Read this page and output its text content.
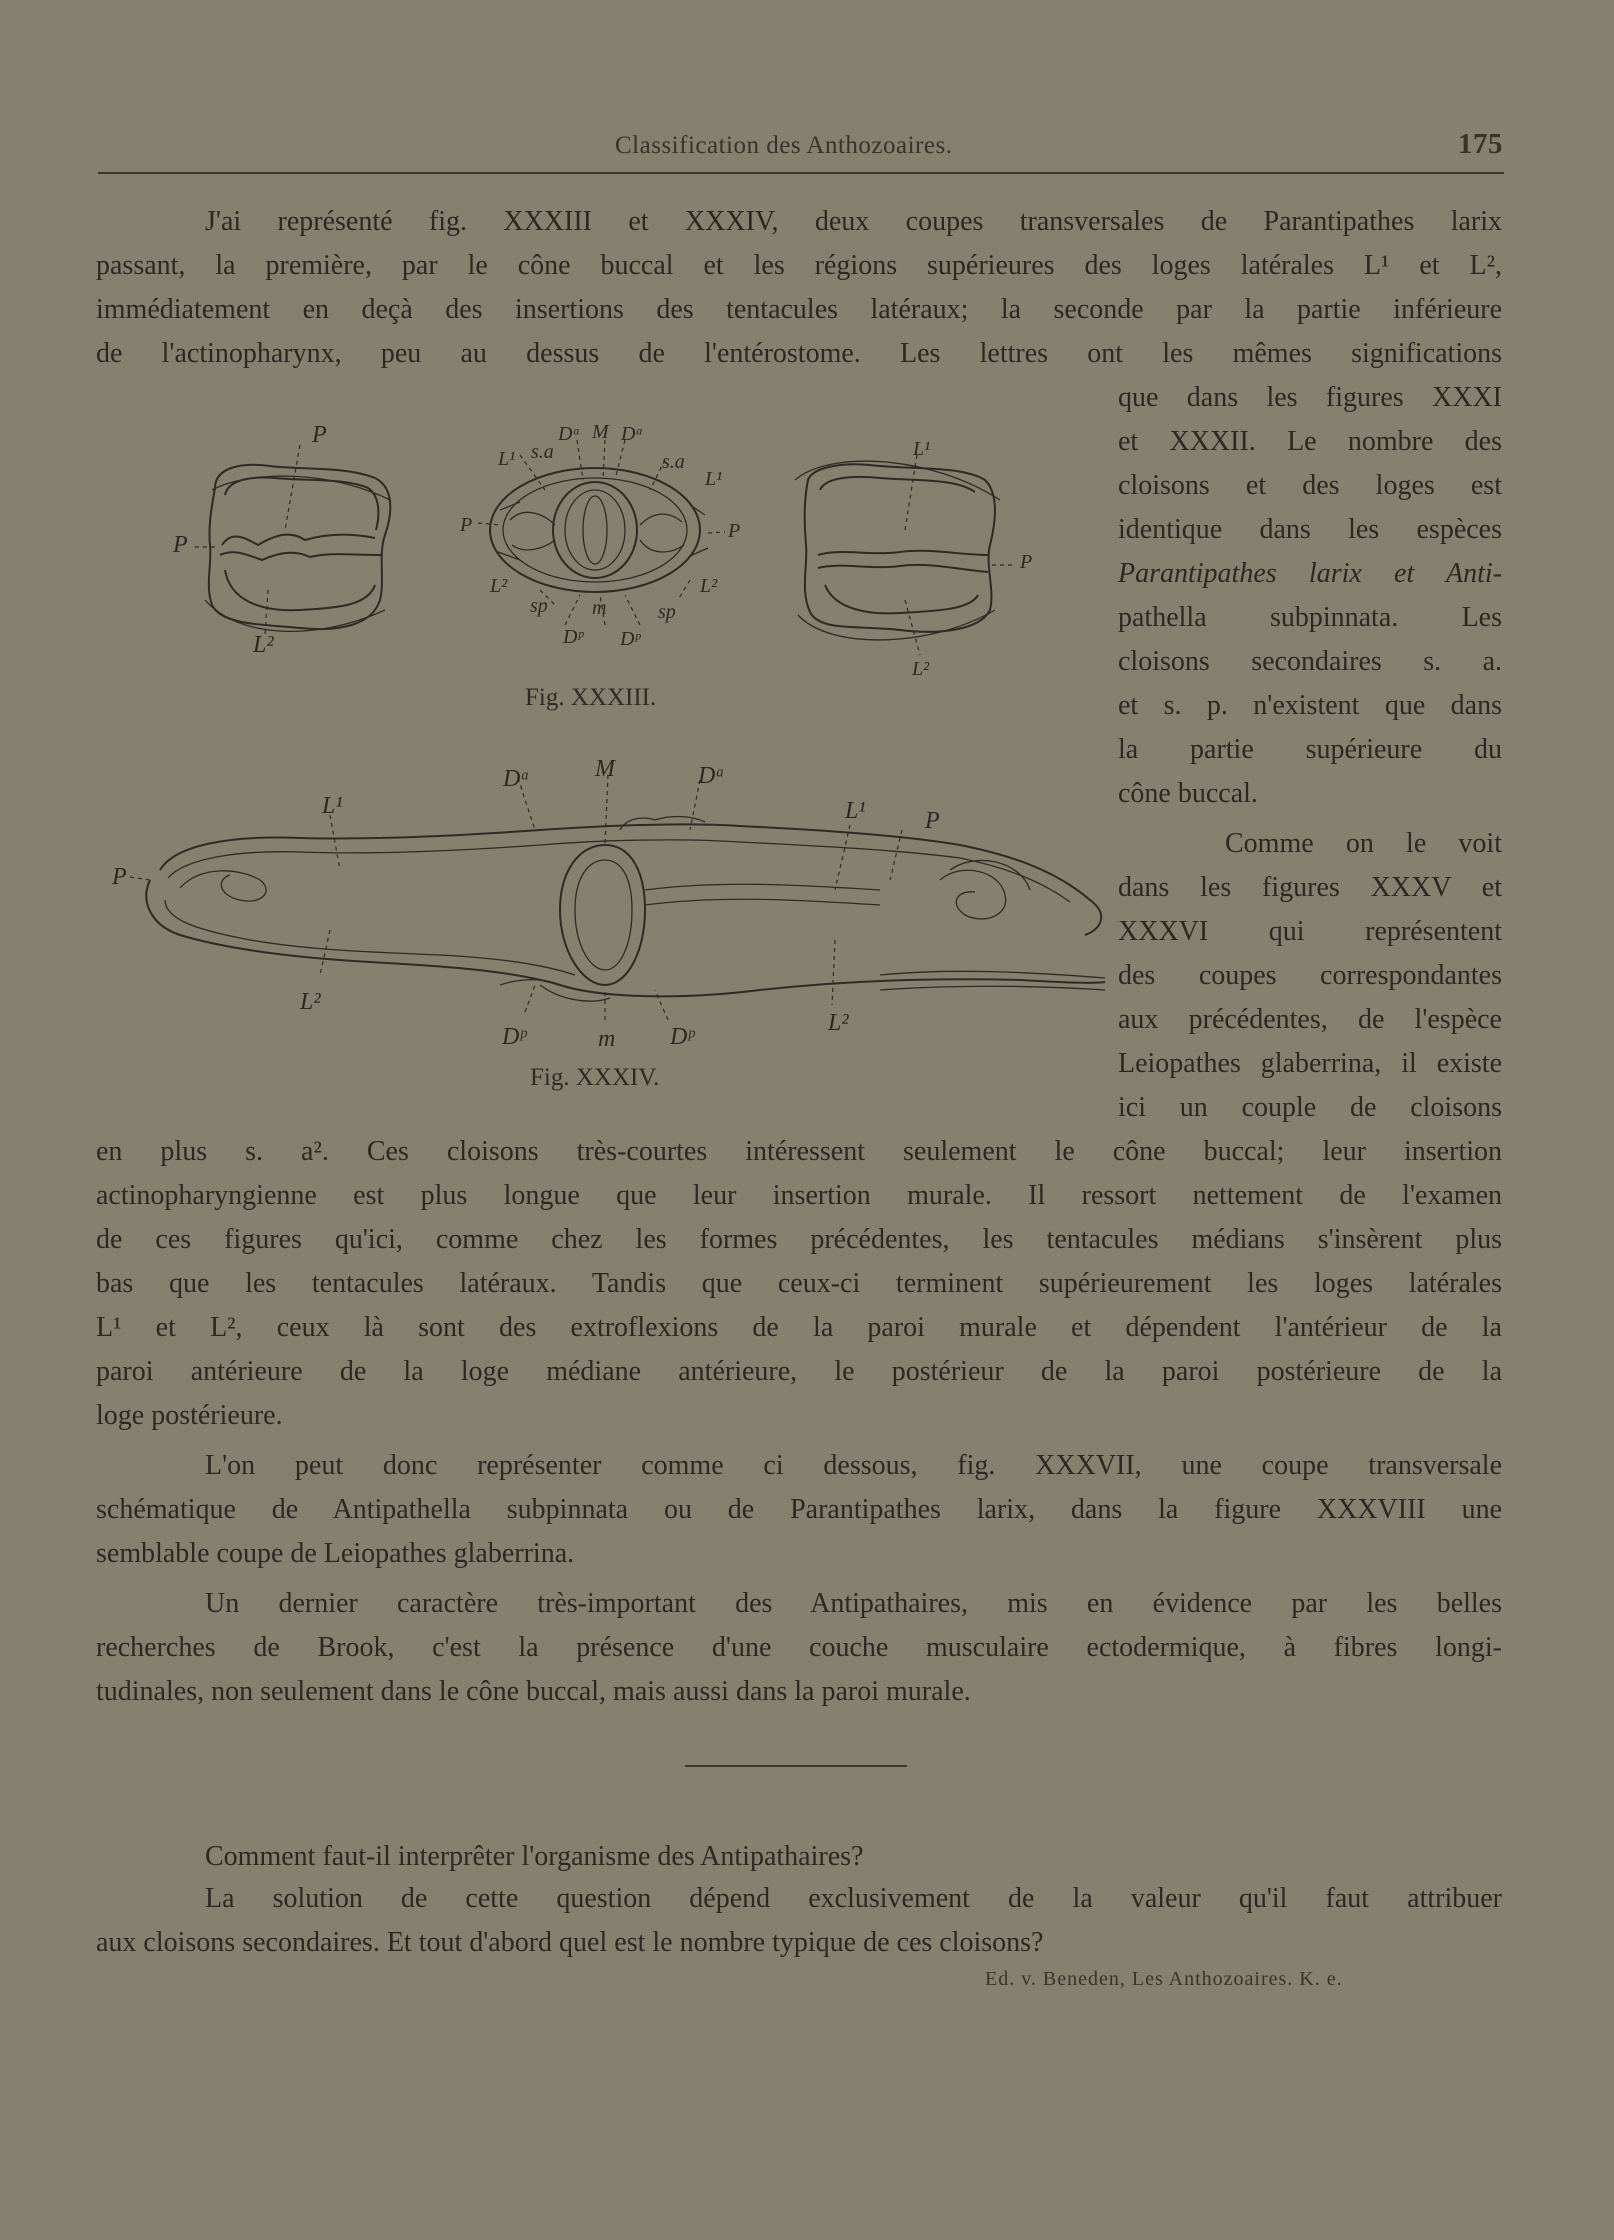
Classification des Anthozoaires.	175
J'ai représenté fig. XXXIII et XXXIV, deux coupes transversales de Parantipathes larix
passant, la première, par le cône buccal et les régions supérieures des loges latérales L¹ et L²,
immédiatement en deçà des insertions des tentacules latéraux; la seconde par la partie inférieure
de l'actinopharynx, peu au dessus de l'entérostome. Les lettres ont les mêmes significations
que dans les figures XXXI
et XXXII. Le nombre des
cloisons et des loges est
identique dans les espèces
Parantipathes larix et Anti-
pathella subpinnata. Les
cloisons secondaires s. a.
et s. p. n'existent que dans
la partie supérieure du
cône buccal.
Comme on le voit
dans les figures XXXV et
XXXVI qui représentent
des coupes correspondantes
aux précédentes, de l'espèce
Leiopathes glaberrina, il existe
ici un couple de cloisons
en plus s. a². Ces cloisons très-courtes intéressent seulement le cône buccal; leur insertion
actinopharyngienne est plus longue que leur insertion murale. Il ressort nettement de l'examen
de ces figures qu'ici, comme chez les formes précédentes, les tentacules médians s'insèrent plus
bas que les tentacules latéraux. Tandis que ceux-ci terminent supérieurement les loges latérales
L¹ et L², ceux là sont des extroflexions de la paroi murale et dépendent l'antérieur de la
paroi antérieure de la loge médiane antérieure, le postérieur de la paroi postérieure de la
loge postérieure.
L'on peut donc représenter comme ci dessous, fig. XXXVII, une coupe transversale
schématique de Antipathella subpinnata ou de Parantipathes larix, dans la figure XXXVIII une
semblable coupe de Leiopathes glaberrina.
Un dernier caractère très-important des Antipathaires, mis en évidence par les belles
recherches de Brook, c'est la présence d'une couche musculaire ectodermique, à fibres longi-
tudinales, non seulement dans le cône buccal, mais aussi dans la paroi murale.
Comment faut-il interprêter l'organisme des Antipathaires?
La solution de cette question dépend exclusivement de la valeur qu'il faut attribuer
aux cloisons secondaires. Et tout d'abord quel est le nombre typique de ces cloisons?
Ed. v. Beneden, Les Anthozoaires. K. e.
Fig. XXXIII.
Fig. XXXIV.
P
P
L²
Dᵃ M Dᵃ
L¹ s.a	s.a
L¹
P	P
L²	L²
sp m	sp
Dᵖ Dᵖ
L¹
P
L²
Dᵃ	M	Dᵃ
L¹	L¹ P
P
L²
L²
Dᵖ	m Dᵖ
